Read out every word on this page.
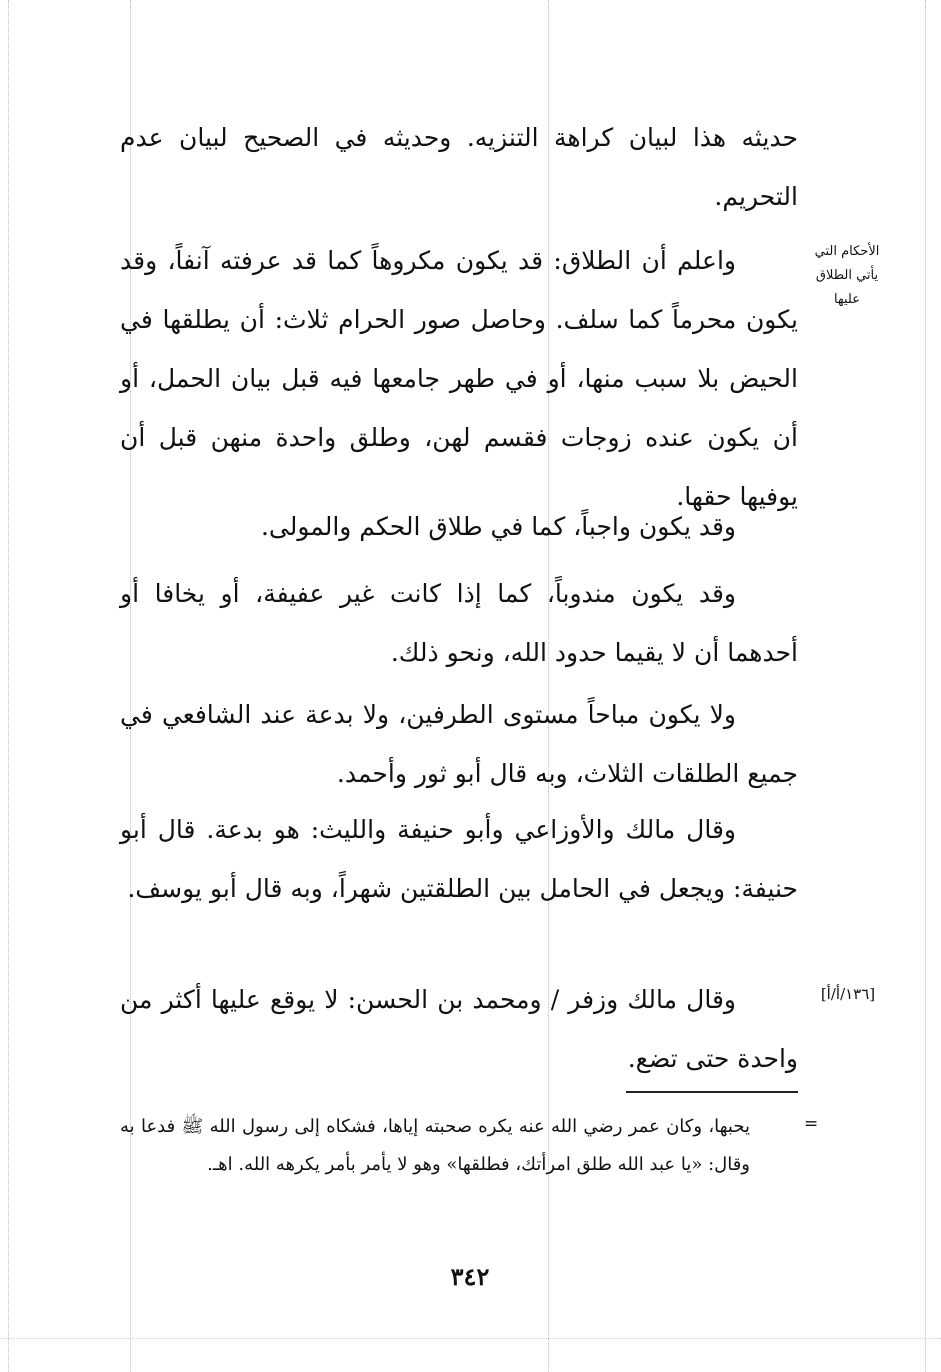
حديثه هذا لبيان كراهة التنزيه. وحديثه في الصحيح لبيان عدم التحريم.

واعلم أن الطلاق: قد يكون مكروهاً كما قد عرفته آنفاً، وقد يكون محرماً كما سلف. وحاصل صور الحرام ثلاث: أن يطلقها في الحيض بلا سبب منها، أو في طهر جامعها فيه قبل بيان الحمل، أو أن يكون عنده زوجات فقسم لهن، وطلق واحدة منهن قبل أن يوفيها حقها.

الأحكام التي
يأتي الطلاق
عليها

وقد يكون واجباً، كما في طلاق الحكم والمولى.

وقد يكون مندوباً، كما إذا كانت غير عفيفة، أو يخافا أو أحدهما أن لا يقيما حدود الله، ونحو ذلك.

ولا يكون مباحاً مستوى الطرفين، ولا بدعة عند الشافعي في جميع الطلقات الثلاث، وبه قال أبو ثور وأحمد.

وقال مالك والأوزاعي وأبو حنيفة والليث: هو بدعة. قال أبو حنيفة: ويجعل في الحامل بين الطلقتين شهراً، وبه قال أبو يوسف.

وقال مالك وزفر / ومحمد بن الحسن: لا يوقع عليها أكثر من واحدة حتى تضع.

[١٣٦/أ/أ]

=

يحبها، وكان عمر رضي الله عنه يكره صحبته إياها، فشكاه إلى رسول الله ﷺ فدعا به وقال: «يا عبد الله طلق امرأتك، فطلقها» وهو لا يأمر بأمر يكرهه الله. اهـ.

٣٤٢
